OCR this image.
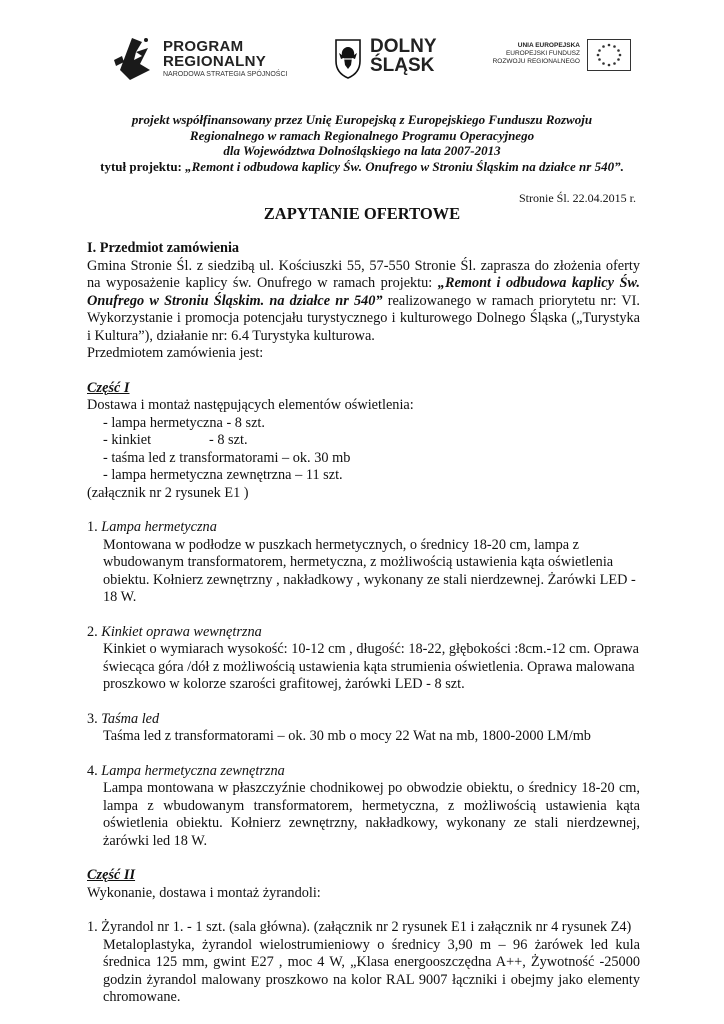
PROGRAM
REGIONALNY
NARODOWA STRATEGIA SPÓJNOŚCI
DOLNY
ŚLĄSK
UNIA EUROPEJSKA
EUROPEJSKI FUNDUSZ
ROZWOJU REGIONALNEGO
projekt współfinansowany przez Unię Europejską z Europejskiego Funduszu Rozwoju
Regionalnego w ramach Regionalnego Programu Operacyjnego
dla Województwa Dolnośląskiego na lata 2007-2013
tytuł projektu: „Remont i odbudowa kaplicy Św. Onufrego w Stroniu Śląskim na działce nr 540”.
Stronie Śl. 22.04.2015 r.
ZAPYTANIE OFERTOWE

I. Przedmiot zamówienia

Gmina Stronie Śl. z siedzibą ul. Kościuszki 55, 57-550 Stronie Śl. zaprasza do złożenia oferty na wyposażenie kaplicy św. Onufrego w ramach projektu: „Remont i odbudowa kaplicy Św. Onufrego w Stroniu Śląskim. na działce nr 540” realizowanego w ramach priorytetu nr: VI. Wykorzystanie i promocja potencjału turystycznego i kulturowego Dolnego Śląska („Turystyka i Kultura”), działanie nr: 6.4 Turystyka kulturowa.

Przedmiotem zamówienia jest:

Część I

Dostawa i montaż następujących elementów oświetlenia:

- lampa hermetyczna - 8 szt.

- kinkiet	- 8 szt.

- taśma led z transformatorami – ok. 30 mb

- lampa hermetyczna zewnętrzna – 11 szt.

(załącznik nr 2 rysunek E1 )

1. Lampa hermetyczna

Montowana w podłodze w puszkach hermetycznych, o średnicy 18-20 cm, lampa z wbudowanym transformatorem, hermetyczna, z możliwością ustawienia kąta oświetlenia obiektu. Kołnierz zewnętrzny , nakładkowy , wykonany ze stali nierdzewnej. Żarówki LED - 18 W.

2. Kinkiet oprawa wewnętrzna

Kinkiet o wymiarach wysokość: 10-12 cm , długość: 18-22, głębokości :8cm.-12 cm. Oprawa świecąca góra /dół z możliwością ustawienia kąta strumienia oświetlenia. Oprawa malowana proszkowo w kolorze szarości grafitowej, żarówki LED - 8 szt.

3. Taśma led

Taśma led z transformatorami – ok. 30 mb o mocy 22 Wat na mb, 1800-2000 LM/mb

4. Lampa hermetyczna zewnętrzna

Lampa montowana w płaszczyźnie chodnikowej po obwodzie obiektu, o średnicy 18-20 cm, lampa z wbudowanym transformatorem, hermetyczna, z możliwością ustawienia kąta oświetlenia obiektu. Kołnierz zewnętrzny, nakładkowy, wykonany ze stali nierdzewnej, żarówki led 18 W.

Część II

Wykonanie, dostawa i montaż żyrandoli:

1. Żyrandol nr 1. - 1 szt. (sala główna). (załącznik nr 2 rysunek E1 i załącznik nr 4 rysunek Z4)

Metaloplastyka, żyrandol wielostrumieniowy o średnicy 3,90 m – 96 żarówek led kula średnica 125 mm, gwint E27 , moc 4 W, „Klasa energooszczędna A++, Żywotność -25000 godzin żyrandol malowany proszkowo na kolor RAL 9007 łączniki i obejmy jako elementy chromowane.
